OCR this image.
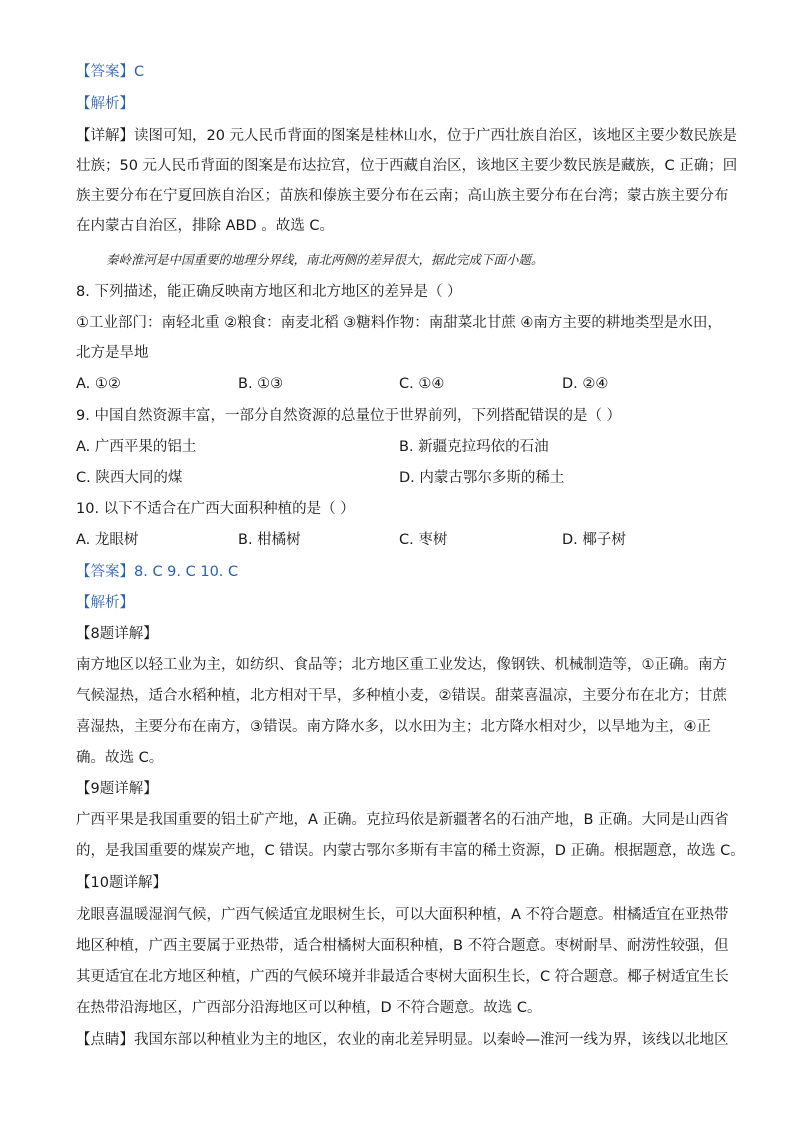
【答案】C
【解析】
【详解】读图可知，20 元人民币背面的图案是桂林山水，位于广西壮族自治区，该地区主要少数民族是
壮族；50 元人民币背面的图案是布达拉宫，位于西藏自治区，该地区主要少数民族是藏族，C 正确；回
族主要分布在宁夏回族自治区；苗族和傣族主要分布在云南；高山族主要分布在台湾；蒙古族主要分布
在内蒙古自治区，排除 ABD 。故选 C。
秦岭淮河是中国重要的地理分界线，南北两侧的差异很大，据此完成下面小题。
8. 下列描述，能正确反映南方地区和北方地区的差异是（ ）
①工业部门：南轻北重 ②粮食：南麦北稻 ③糖料作物：南甜菜北甘蔗 ④南方主要的耕地类型是水田，
北方是旱地
A. ①②	B. ①③	C. ①④	D. ②④
9. 中国自然资源丰富，一部分自然资源的总量位于世界前列，下列搭配错误的是（ ）
A. 广西平果的铝土	B. 新疆克拉玛依的石油
C. 陕西大同的煤	D. 内蒙古鄂尔多斯的稀土
10. 以下不适合在广西大面积种植的是（ ）
A. 龙眼树	B. 柑橘树	C. 枣树	D. 椰子树
【答案】8. C 9. C 10. C
【解析】
【8题详解】
南方地区以轻工业为主，如纺织、食品等；北方地区重工业发达，像钢铁、机械制造等，①正确。南方
气候湿热，适合水稻种植，北方相对干旱，多种植小麦，②错误。甜菜喜温凉，主要分布在北方；甘蔗
喜湿热，主要分布在南方，③错误。南方降水多，以水田为主；北方降水相对少，以旱地为主，④正
确。故选 C。
【9题详解】
广西平果是我国重要的铝土矿产地，A 正确。克拉玛依是新疆著名的石油产地，B 正确。大同是山西省
的，是我国重要的煤炭产地，C 错误。内蒙古鄂尔多斯有丰富的稀土资源，D 正确。根据题意，故选 C。
【10题详解】
龙眼喜温暖湿润气候，广西气候适宜龙眼树生长，可以大面积种植，A 不符合题意。柑橘适宜在亚热带
地区种植，广西主要属于亚热带，适合柑橘树大面积种植，B 不符合题意。枣树耐旱、耐涝性较强，但
其更适宜在北方地区种植，广西的气候环境并非最适合枣树大面积生长，C 符合题意。椰子树适宜生长
在热带沿海地区，广西部分沿海地区可以种植，D 不符合题意。故选 C。
【点睛】我国东部以种植业为主的地区，农业的南北差异明显。以秦岭—淮河一线为界，该线以北地区
